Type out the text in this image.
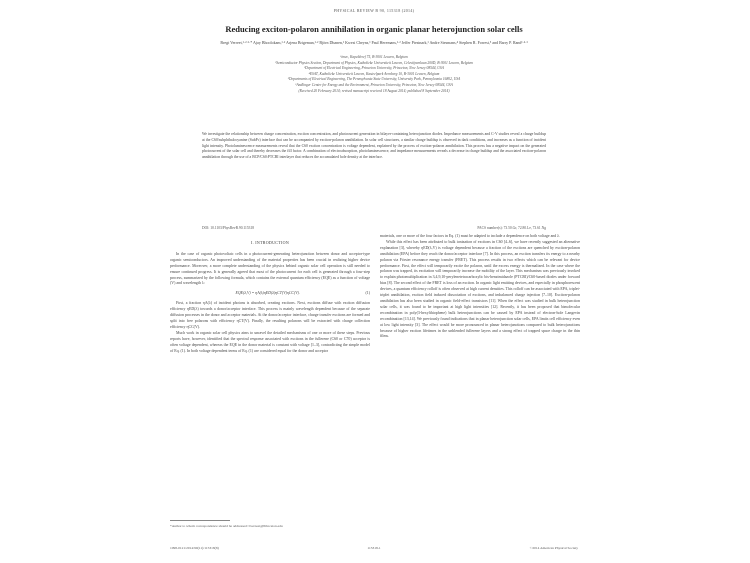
PHYSICAL REVIEW B 90, 115318 (2014)
Reducing exciton-polaron annihilation in organic planar heterojunction solar cells
Bregt Verreet,¹·²·³·* Ajay Bhoolokam,¹·² Arjena Brigeman,¹·² Björn Dhanen,¹ Kwesi Cheyns,¹ Paul Heremans,¹·² Jeffer Ptestnark,¹ Andre Stesmans,⁴ Stephen R. Forrest,⁵ and Barry P. Rand¹·²·³
¹imec, Kapeldreef 75, B-3001 Leuven, Belgium
²Semiconductor Physics Section, Department of Physics, Katholieke Universiteit Leuven, Celestijnenlaan 200D, B-3001 Leuven, Belgium
³Department of Electrical Engineering, Princeton University, Princeton, New Jersey 08544, USA
⁴ESAT, Katholieke Universiteit Leuven, Kasteelpark Arenberg 10, B-3001 Leuven, Belgium
⁵Departments of Electrical Engineering, The Pennsylvania State University, University Park, Pennsylvania 16802, USA
⁶Andlinger Center for Energy and the Environment, Princeton University, Princeton, New Jersey 08544, USA
(Received 20 February 2014; revised manuscript received 18 August 2014; published 8 September 2014)
We investigate the relationship between charge concentration, exciton concentration, and photocurrent generation in bilayer-containing heterojunction diodes. Impedance measurements and C-V studies reveal a charge buildup at the C60/subphthalocyanine (SubPc) interface that can be accompanied by exciton-polaron annihilation. In solar cell structures, a similar charge buildup is observed in dark conditions, and increases as a function of incident light intensity. Photoluminescence measurements reveal that the C60 exciton concentration is voltage dependent, explained by the process of exciton-polaron annihilation. This process has a negative impact on the generated photocurrent of the solar cell and thereby decreases the fill factor. A combination of electroabsorption, photoluminescence, and impedance measurements reveals a decrease in charge buildup and the associated exciton-polaron annihilation through the use of a BCP/C60:PTCBI interlayer that reduces the accumulated hole density at the interface.
DOI: 10.1103/PhysRevB.90.115318	PACS number(s): 73.50.Gr, 72.80.Le, 73.61.Ng
I. INTRODUCTION

In the case of organic photovoltaic cells in a photocurrent-generating heterojunction between donor and acceptor-type organic semiconductors. An improved understanding of the material properties has been crucial in realizing higher device performance. Moreover, a more complete understanding of the physics behind organic solar cell operation is still needed to ensure continued progress. It is generally agreed that most of the photocurrent for each cell is generated through a four-step process, summarized by the following formula, which contains the external quantum efficiency (EQE) as a function of voltage (V) and wavelength λ:

EQE(λ,V) = ηA(λ)ηED(λ)ηCT(V)ηCC(V).	(1)

First, a fraction ηA(λ) of incident photons is absorbed, creating excitons. Next, excitons diffuse with exciton diffusion efficiency ηED(λ) towards a donor/acceptor interface. This process is mainly wavelength dependent because of the separate diffusion processes in the donor and acceptor materials. At the donor/acceptor interface, charge transfer excitons are formed and split into free polarons with efficiency ηCT(V). Finally, the resulting polarons will be extracted with charge collection efficiency ηCC(V).

Much work in organic solar cell physics aims to unravel the detailed mechanisms of one or more of these steps. Previous reports have, however, identified that the spectral response associated with excitons in the fullerene (C60 or C70) acceptor is often voltage dependent, whereas the EQE in the donor material is constant with voltage [1–3], contradicting the simple model of Eq. (1). In both voltage dependent terms of Eq. (1) are considered equal for the donor and acceptor

materials, one or more of the four factors in Eq. (1) must be adapted to include a dependence on both voltage and λ.

While this effect has been attributed to bulk ionization of excitons in C60 [4–6], we have recently suggested an alternative explanation [3], whereby ηED(λ,V) is voltage dependent because a fraction of the excitons are quenched by exciton-polaron annihilation (EPA) before they reach the donor/acceptor interface [7]. In this process, an exciton transfers its energy to a nearby polaron via Förster resonance energy transfer (FRET). This process results in two effects which can be relevant for device performance. First, the effect will temporarily excite the polaron, until the excess energy is thermalized. In the case where the polaron was trapped, its excitation will temporarily increase the mobility of the layer. This mechanism was previously invoked to explain photomultiplication in 3,4,9,10-perylenetetracarboxylic bis-benzimidazole (PTCBI)/C60-based diodes under forward bias [8]. The second effect of the FRET is loss of an exciton. In organic light emitting devices, and especially in phosphorescent devices, a quantum efficiency rolloff is often observed at high current densities. This rolloff can be associated with EPA, triplet-triplet annihilation, exciton field induced dissociation of excitons, and imbalanced charge injection [7–10]. Exciton-polaron annihilation has also been studied in organic field-effect transistors [11]. When the effect was studied in bulk heterojunction solar cells, it was found to be important at high light intensities [12]. Recently, it has been proposed that bimolecular recombination in poly(3-hexylthiophene) bulk heterojunctions can be caused by EPA instead of electron-hole Langevin recombination [13,14]. We previously found indications that in planar heterojunction solar cells, EPA limits cell efficiency even at low light intensity [3]. The effect would be more pronounced in planar heterojunctions compared to bulk heterojunctions because of higher exciton lifetimes in the unblended fullerene layers and a strong effect of trapped space charge in the thin films.

*Author to whom correspondence should be addressed: bverreet@Princeton.edu
1098-0121/2014/90(11)/115318(8)	115318-1	©2014 American Physical Society
